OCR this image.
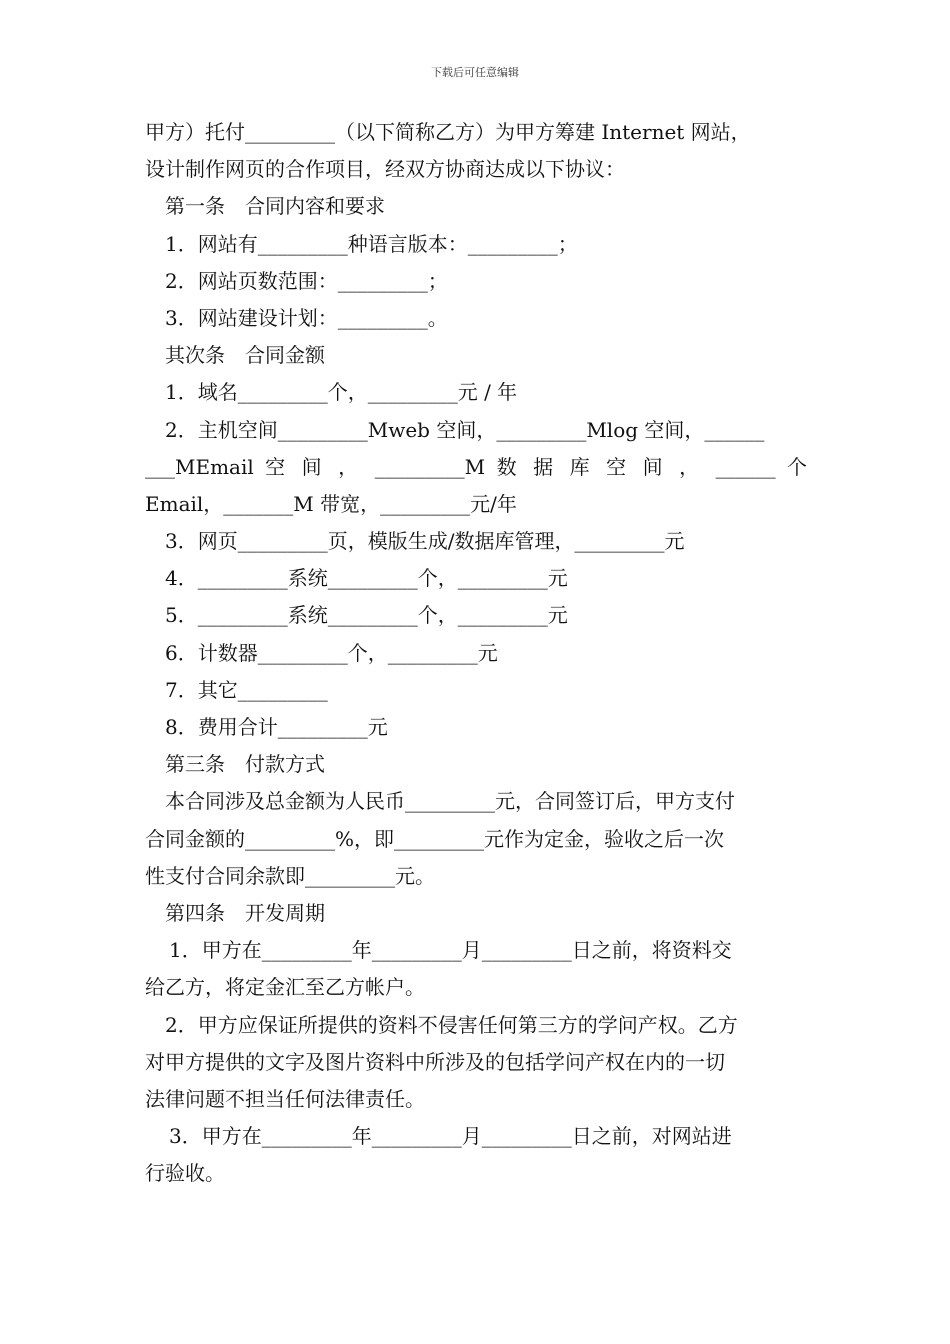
下载后可任意编辑
甲方）托付_________（以下简称乙方）为甲方筹建 Internet 网站，
设计制作网页的合作项目，经双方协商达成以下协议：
第一条　合同内容和要求
1．网站有_________种语言版本：_________；
2．网站页数范围：_________；
3．网站建设计划：_________。
其次条　合同金额
1．域名_________个，_________元 / 年
2．主机空间_________Mweb 空间，_________Mlog 空间，______
___MEmail 空 间 ， _________M 数 据 库 空 间 ， ______ 个
Email，_______M 带宽，_________元/年
3．网页_________页，模版生成/数据库管理，_________元
4．_________系统_________个，_________元
5．_________系统_________个，_________元
6．计数器_________个，_________元
7．其它_________
8．费用合计_________元
第三条　付款方式
本合同涉及总金额为人民币_________元，合同签订后，甲方支付
合同金额的_________%，即_________元作为定金，验收之后一次
性支付合同余款即_________元。
第四条　开发周期
1．甲方在_________年_________月_________日之前，将资料交
给乙方，将定金汇至乙方帐户。
2．甲方应保证所提供的资料不侵害任何第三方的学问产权。乙方
对甲方提供的文字及图片资料中所涉及的包括学问产权在内的一切
法律问题不担当任何法律责任。
3．甲方在_________年_________月_________日之前，对网站进
行验收。
